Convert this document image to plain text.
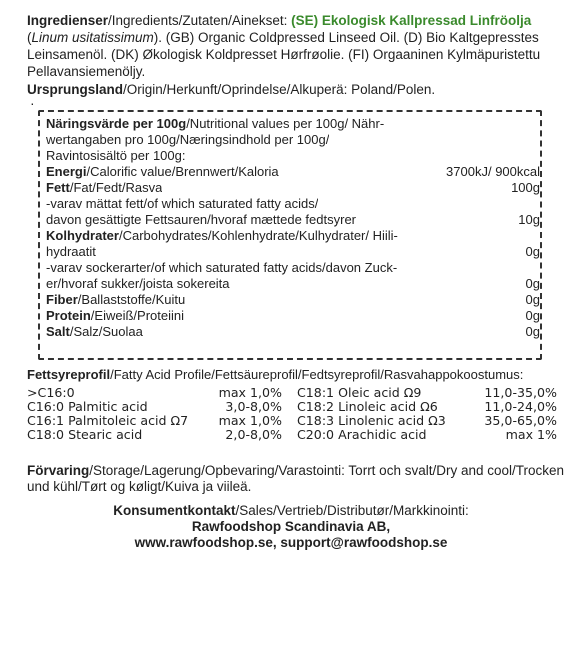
Ingredienser/Ingredients/Zutaten/Ainekset: (SE) Ekologisk Kallpressad Linfröolja (Linum usitatissimum). (GB) Organic Coldpressed Linseed Oil. (D) Bio Kaltgepresstes Leinsamenöl. (DK) Økologisk Koldpresset Hørfrøolie. (FI) Orgaaninen Kylmäpuristettu Pellavansiemenöljy.
Ursprungsland/Origin/Herkunft/Oprindelse/Alkuperä: Poland/Polen.
·
Näringsvärde per 100g/Nutritional values per 100g/ Nähr-
wertangaben pro 100g/Næringsindhold per 100g/
Ravintosisältö per 100g:
Energi/Calorific value/Brennwert/Kaloria	3700kJ/ 900kcal
Fett/Fat/Fedt/Rasva	100g
-varav mättat fett/of which saturated fatty acids/
davon gesättigte Fettsauren/hvoraf mættede fedtsyrer	10g
Kolhydrater/Carbohydrates/Kohlenhydrate/Kulhydrater/ Hiili-
hydraatit	0g
-varav sockerarter/of which saturated fatty acids/davon Zuck-
er/hvoraf sukker/joista sokereita	0g
Fiber/Ballaststoffe/Kuitu	0g
Protein/Eiweiß/Proteiini	0g
Salt/Salz/Suolaa	0g
Fettsyreprofil/Fatty Acid Profile/Fettsäureprofil/Fedtsyreprofil/Rasvahappokoostumus:
>C16:0	max 1,0% C18:1 Oleic acid Ω9	11,0-35,0%
C16:0 Palmitic acid	3,0-8,0% C18:2 Linoleic acid Ω6	11,0-24,0%
C16:1 Palmitoleic acid Ω7 max 1,0% C18:3 Linolenic acid Ω3	35,0-65,0%
C18:0 Stearic acid	2,0-8,0% C20:0 Arachidic acid	max 1%
Förvaring/Storage/Lagerung/Opbevaring/Varastointi: Torrt och svalt/Dry and cool/Trocken und kühl/Tørt og køligt/Kuiva ja viileä.
Konsumentkontakt/Sales/Vertrieb/Distributør/Markkinointi:
Rawfoodshop Scandinavia AB,
www.rawfoodshop.se, support@rawfoodshop.se
